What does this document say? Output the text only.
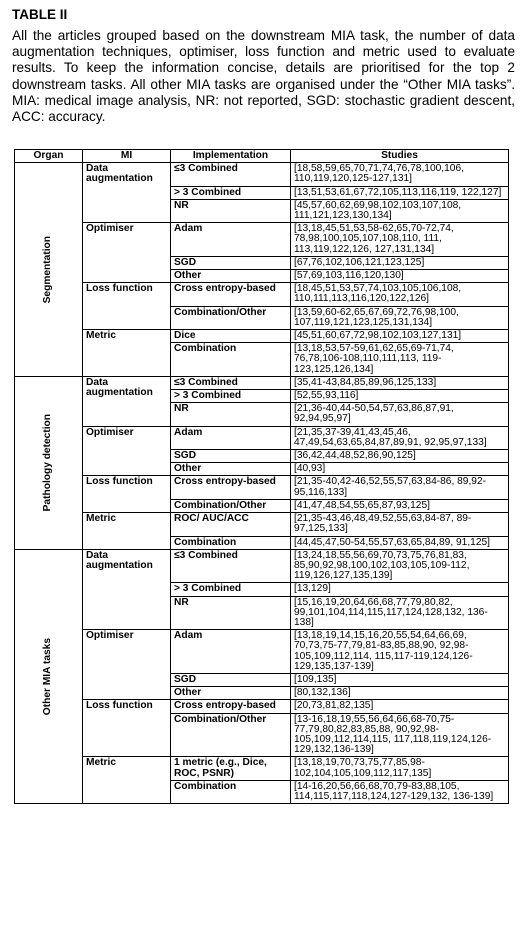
TABLE II
All the articles grouped based on the downstream MIA task, the number of data augmentation techniques, optimiser, loss function and metric used to evaluate results. To keep the information concise, details are prioritised for the top 2 downstream tasks. All other MIA tasks are organised under the “Other MIA tasks”. MIA: medical image analysis, NR: not reported, SGD: stochastic gradient descent, ACC: accuracy.
Organ	MI	Implementation	Studies

Segmentation	Data augmentation	≤3 Combined	[18,58,59,65,70,71,74,76,78,100,106, 110,119,120,125-127,131]
		> 3 Combined	[13,51,53,61,67,72,105,113,116,119, 122,127]
		NR	[45,57,60,62,69,98,102,103,107,108, 111,121,123,130,134]
	Optimiser	Adam	[13,18,45,51,53,58-62,65,70-72,74, 78,98,100,105,107,108,110, 111, 113,119,122,126, 127,131,134]
		SGD	[67,76,102,106,121,123,125]
		Other	[57,69,103,116,120,130]
	Loss function	Cross entropy-based	[18,45,51,53,57,74,103,105,106,108, 110,111,113,116,120,122,126]
		Combination/Other	[13,59,60-62,65,67,69,72,76,98,100, 107,119,121,123,125,131,134]
	Metric	Dice	[45,51,60,67,72,98,102,103,127,131]
		Combination	[13,18,53,57-59,61,62,65,69-71,74, 76,78,106-108,110,111,113, 119-123,125,126,134]

Pathology detection	Data augmentation	≤3 Combined	[35,41-43,84,85,89,96,125,133]
		> 3 Combined	[52,55,93,116]
		NR	[21,36-40,44-50,54,57,63,86,87,91, 92,94,95,97]
	Optimiser	Adam	[21,35,37-39,41,43,45,46, 47,49,54,63,65,84,87,89,91, 92,95,97,133]
		SGD	[36,42,44,48,52,86,90,125]
		Other	[40,93]
	Loss function	Cross entropy-based	[21,35-40,42-46,52,55,57,63,84-86, 89,92-95,116,133]
		Combination/Other	[41,47,48,54,55,65,87,93,125]
	Metric	ROC/ AUC/ACC	[21,35-43,46,48,49,52,55,63,84-87, 89-97,125,133]
		Combination	[44,45,47,50-54,55,57,63,65,84,89, 91,125]

Other MIA tasks	Data augmentation	≤3 Combined	[13,24,18,55,56,69,70,73,75,76,81,83, 85,90,92,98,100,102,103,105,109-112, 119,126,127,135,139]
		> 3 Combined	[13,129]
		NR	[15,16,19,20,64,66,68,77,79,80,82, 99,101,104,114,115,117,124,128,132, 136-138]
	Optimiser	Adam	[13,18,19,14,15,16,20,55,54,64,66,69, 70,73,75-77,79,81-83,85,88,90, 92,98-105,109,112,114, 115,117-119,124,126-129,135,137-139]
		SGD	[109,135]
		Other	[80,132,136]
	Loss function	Cross entropy-based	[20,73,81,82,135]
		Combination/Other	[13-16,18,19,55,56,64,66,68-70,75- 77,79,80,82,83,85,88, 90,92,98-105,109,112,114,115, 117,118,119,124,126-129,132,136-139]
	Metric	1 metric (e.g., Dice, ROC, PSNR)	[13,18,19,70,73,75,77,85,98- 102,104,105,109,112,117,135]
		Combination	[14-16,20,56,66,68,70,79-83,88,105, 114,115,117,118,124,127-129,132, 136-139]
